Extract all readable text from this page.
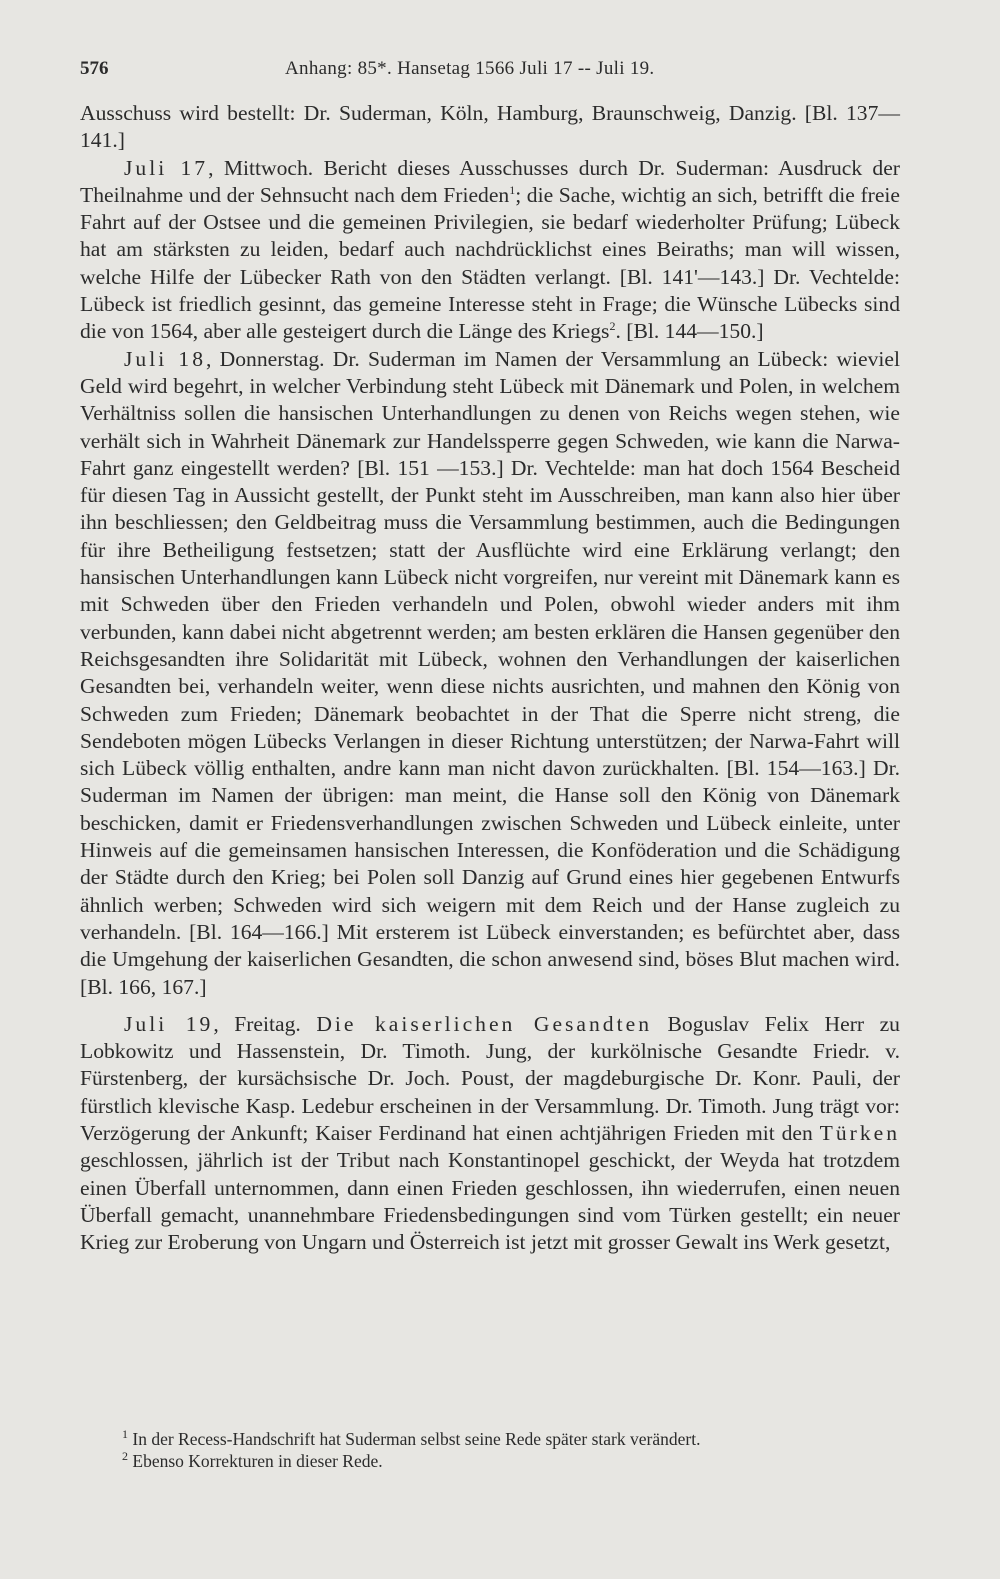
576	Anhang: 85*. Hansetag 1566 Juli 17 -- Juli 19.

Ausschuss wird bestellt: Dr. Suderman, Köln, Hamburg, Braunschweig, Danzig. [Bl. 137—141.]

Juli 17, Mittwoch. Bericht dieses Ausschusses durch Dr. Suderman: Ausdruck der Theilnahme und der Sehnsucht nach dem Frieden$^1$; die Sache, wichtig an sich, betrifft die freie Fahrt auf der Ostsee und die gemeinen Privilegien, sie bedarf wiederholter Prüfung; Lübeck hat am stärksten zu leiden, bedarf auch nachdrücklichst eines Beiraths; man will wissen, welche Hilfe der Lübecker Rath von den Städten verlangt. [Bl. 141'—143.] Dr. Vechtelde: Lübeck ist friedlich gesinnt, das gemeine Interesse steht in Frage; die Wünsche Lübecks sind die von 1564, aber alle gesteigert durch die Länge des Kriegs$^2$. [Bl. 144—150.]

Juli 18, Donnerstag. Dr. Suderman im Namen der Versammlung an Lübeck: wieviel Geld wird begehrt, in welcher Verbindung steht Lübeck mit Dänemark und Polen, in welchem Verhältniss sollen die hansischen Unterhandlungen zu denen von Reichs wegen stehen, wie verhält sich in Wahrheit Dänemark zur Handelssperre gegen Schweden, wie kann die Narwa-Fahrt ganz eingestellt werden? [Bl. 151 —153.] Dr. Vechtelde: man hat doch 1564 Bescheid für diesen Tag in Aussicht gestellt, der Punkt steht im Ausschreiben, man kann also hier über ihn beschliessen; den Geldbeitrag muss die Versammlung bestimmen, auch die Bedingungen für ihre Betheiligung festsetzen; statt der Ausflüchte wird eine Erklärung verlangt; den hansischen Unterhandlungen kann Lübeck nicht vorgreifen, nur vereint mit Dänemark kann es mit Schweden über den Frieden verhandeln und Polen, obwohl wieder anders mit ihm verbunden, kann dabei nicht abgetrennt werden; am besten erklären die Hansen gegenüber den Reichsgesandten ihre Solidarität mit Lübeck, wohnen den Verhandlungen der kaiserlichen Gesandten bei, verhandeln weiter, wenn diese nichts ausrichten, und mahnen den König von Schweden zum Frieden; Dänemark beobachtet in der That die Sperre nicht streng, die Sendeboten mögen Lübecks Verlangen in dieser Richtung unterstützen; der Narwa-Fahrt will sich Lübeck völlig enthalten, andre kann man nicht davon zurückhalten. [Bl. 154—163.] Dr. Suderman im Namen der übrigen: man meint, die Hanse soll den König von Dänemark beschicken, damit er Friedensverhandlungen zwischen Schweden und Lübeck einleite, unter Hinweis auf die gemeinsamen hansischen Interessen, die Konföderation und die Schädigung der Städte durch den Krieg; bei Polen soll Danzig auf Grund eines hier gegebenen Entwurfs ähnlich werben; Schweden wird sich weigern mit dem Reich und der Hanse zugleich zu verhandeln. [Bl. 164—166.] Mit ersterem ist Lübeck einverstanden; es befürchtet aber, dass die Umgehung der kaiserlichen Gesandten, die schon anwesend sind, böses Blut machen wird. [Bl. 166, 167.]

Juli 19, Freitag. Die kaiserlichen Gesandten Boguslav Felix Herr zu Lobkowitz und Hassenstein, Dr. Timoth. Jung, der kurkölnische Gesandte Friedr. v. Fürstenberg, der kursächsische Dr. Joch. Poust, der magdeburgische Dr. Konr. Pauli, der fürstlich klevische Kasp. Ledebur erscheinen in der Versammlung. Dr. Timoth. Jung trägt vor: Verzögerung der Ankunft; Kaiser Ferdinand hat einen achtjährigen Frieden mit den Türken geschlossen, jährlich ist der Tribut nach Konstantinopel geschickt, der Weyda hat trotzdem einen Überfall unternommen, dann einen Frieden geschlossen, ihn wiederrufen, einen neuen Überfall gemacht, unannehmbare Friedensbedingungen sind vom Türken gestellt; ein neuer Krieg zur Eroberung von Ungarn und Österreich ist jetzt mit grosser Gewalt ins Werk gesetzt,

$^1$ In der Recess-Handschrift hat Suderman selbst seine Rede später stark verändert.

$^2$ Ebenso Korrekturen in dieser Rede.
